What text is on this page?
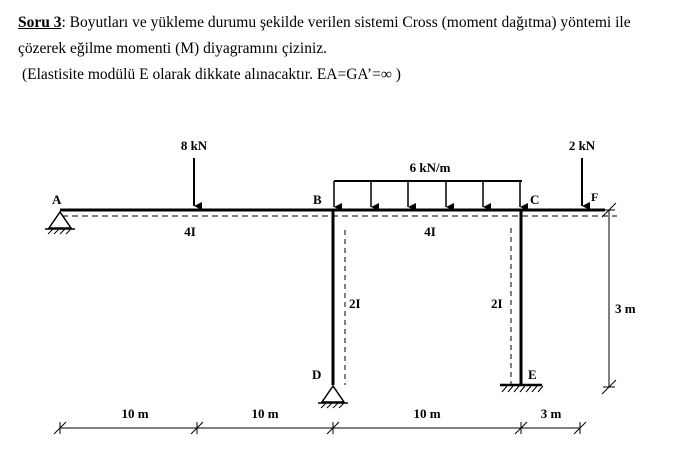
Soru 3: Boyutları ve yükleme durumu şekilde verilen sistemi Cross (moment dağıtma) yöntemi ile
çözerek eğilme momenti (M) diyagramını çiziniz.
(Elastisite modülü E olarak dikkate alınacaktır. EA=GA’=∞ )
8 kN
6 kN/m
2 kN
A	B	C
D	E
F
4I	4I
2I	2I
10 m	10 m	10 m	3 m
3 m
